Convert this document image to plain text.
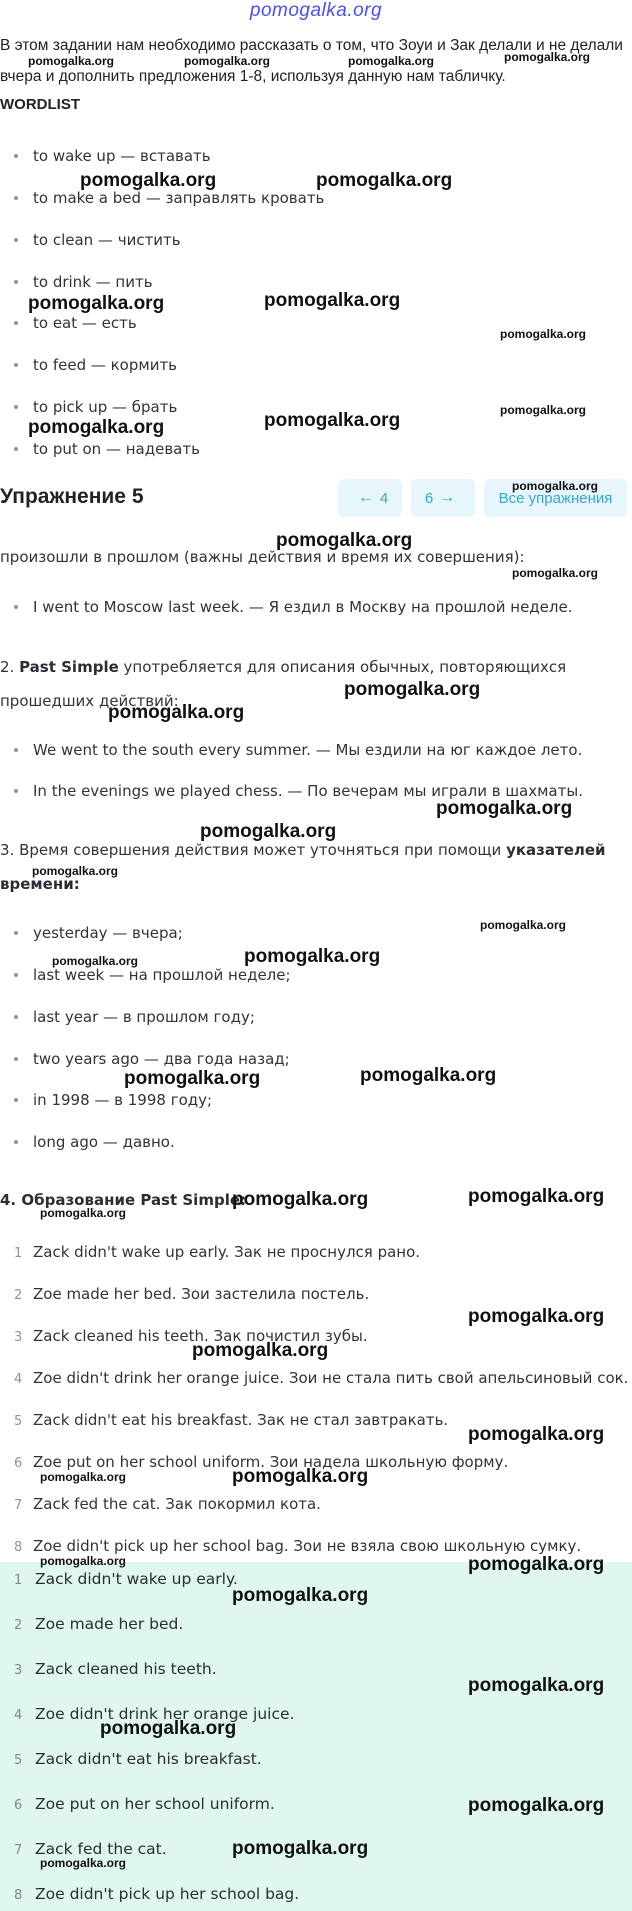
pomogalka.org
В этом задании нам необходимо рассказать о том, что Зоуи и Зак делали и не делали вчера и дополнить предложения 1-8, используя данную нам табличку.
WORDLIST
to wake up — вставать
to make a bed — заправлять кровать
to clean — чистить
to drink — пить
to eat — есть
to feed — кормить
to pick up — брать
to put on — надевать
Упражнение 5	← 4 6 →	Все упражнения
произошли в прошлом (важны действия и время их совершения):
I went to Moscow last week. — Я ездил в Москву на прошлой неделе.
2. Past Simple употребляется для описания обычных, повторяющихся прошедших действий:
We went to the south every summer. — Мы ездили на юг каждое лето.
In the evenings we played chess. — По вечерам мы играли в шахматы.
3. Время совершения действия может уточняться при помощи указателей времени:
yesterday — вчера;
last week — на прошлой неделе;
last year — в прошлом году;
two years ago — два года назад;
in 1998 — в 1998 году;
long ago — давно.
4. Образование Past Simple:
1 Zack didn't wake up early. Зак не проснулся рано.
2 Zoe made her bed. Зои застелила постель.
3 Zack cleaned his teeth. Зак почистил зубы.
4 Zoe didn't drink her orange juice. Зои не стала пить свой апельсиновый сок.
5 Zack didn't eat his breakfast. Зак не стал завтракать.
6 Zoe put on her school uniform. Зои надела школьную форму.
7 Zack fed the cat. Зак покормил кота.
8 Zoe didn't pick up her school bag. Зои не взяла свою школьную сумку.
1 Zack didn't wake up early.
2 Zoe made her bed.
3 Zack cleaned his teeth.
4 Zoe didn't drink her orange juice.
5 Zack didn't eat his breakfast.
6 Zoe put on her school uniform.
7 Zack fed the cat.
8 Zoe didn't pick up her school bag.
pomogalka.org	pomogalka.org	pomogalka.org	pomogalka.org
pomogalka.org	pomogalka.org
pomogalka.org	pomogalka.org
pomogalka.org
pomogalka.org	pomogalka.org	pomogalka.org
pomogalka.org
pomogalka.org
pomogalka.org
pomogalka.org
pomogalka.org
pomogalka.org
pomogalka.org
pomogalka.org
pomogalka.org
pomogalka.org
pomogalka.org
pomogalka.org	pomogalka.org
pomogalka.org	pomogalka.org
pomogalka.org
pomogalka.org
pomogalka.org
pomogalka.org
pomogalka.org
pomogalka.org
pomogalka.org	pomogalka.org
pomogalka.org
pomogalka.org
pomogalka.org
pomogalka.org
pomogalka.org
pomogalka.org
